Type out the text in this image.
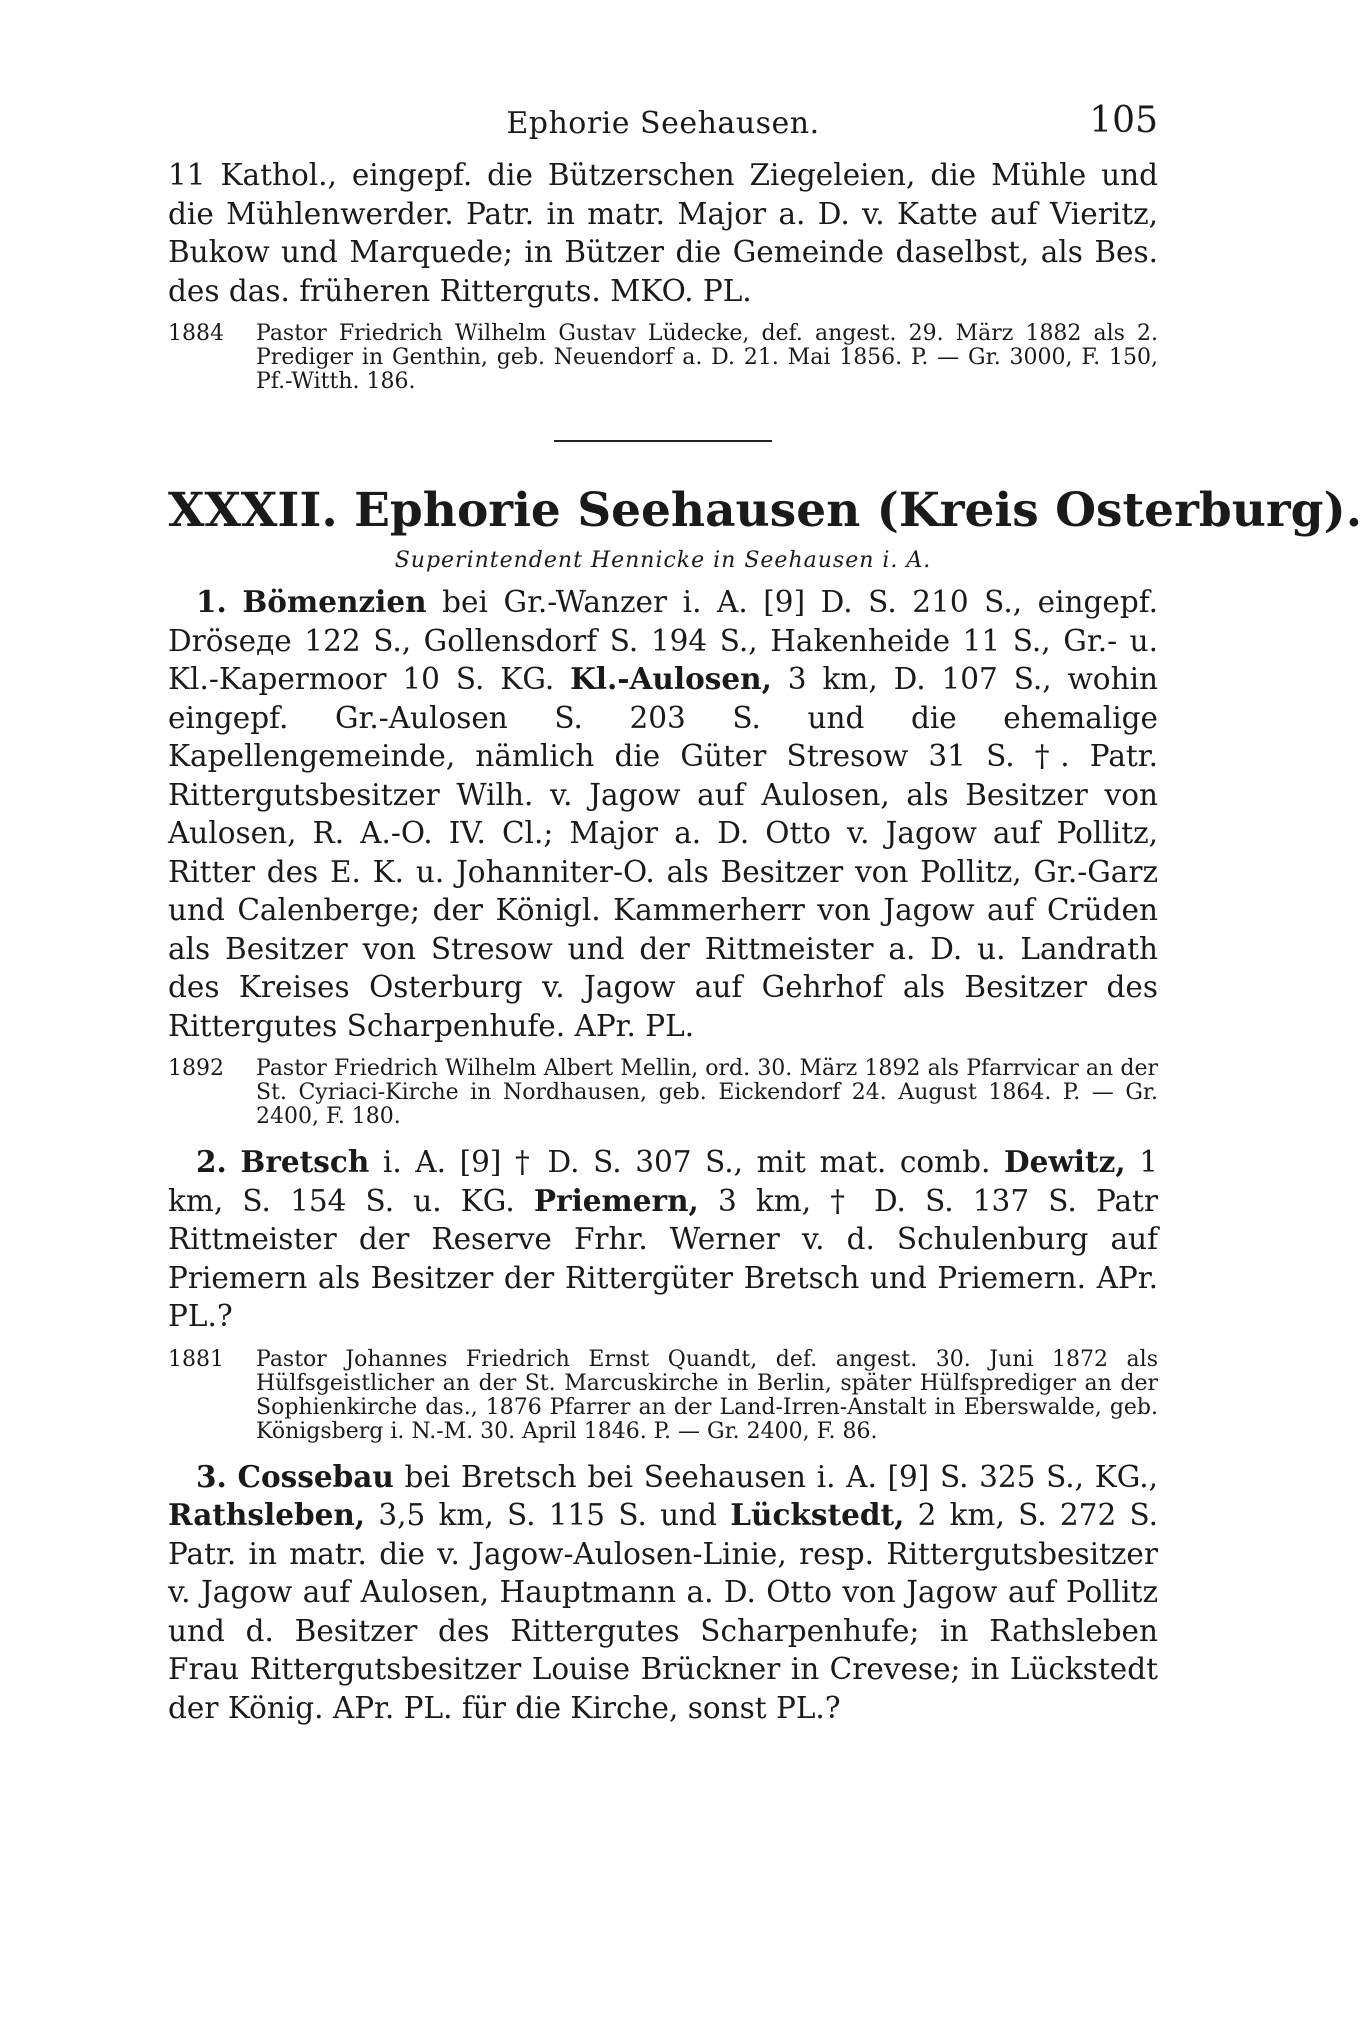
Ephorie Seehausen.	105

11 Kathol., eingepf. die Bützerschen Ziegeleien, die Mühle und die Mühlenwerder. Patr. in matr. Major a. D. v. Katte auf Vieritz, Bukow und Marquede; in Bützer die Gemeinde daselbst, als Bes. des das. früheren Ritterguts. MKO. PL.

1884 Pastor Friedrich Wilhelm Gustav Lüdecke, def. angest. 29. März 1882 als 2. Prediger in Genthin, geb. Neuendorf a. D. 21. Mai 1856. P. — Gr. 3000, F. 150, Pf.-Witth. 186.

XXXII. Ephorie Seehausen (Kreis Osterburg).
Superintendent Hennicke in Seehausen i. A.

1. Bömenzien bei Gr.-Wanzer i. A. [9] D. S. 210 S., eingepf. Dröseде 122 S., Gollensdorf S. 194 S., Hakenheide 11 S., Gr.- u. Kl.-Kapermoor 10 S. KG. Kl.-Aulosen, 3 km, D. 107 S., wohin eingepf. Gr.-Aulosen S. 203 S. und die ehemalige Kapellengemeinde, nämlich die Güter Stresow 31 S. †. Patr. Rittergutsbesitzer Wilh. v. Jagow auf Aulosen, als Besitzer von Aulosen, R. A.-O. IV. Cl.; Major a. D. Otto v. Jagow auf Pollitz, Ritter des E. K. u. Johanniter-O. als Besitzer von Pollitz, Gr.-Garz und Calenberge; der Königl. Kammerherr von Jagow auf Crüden als Besitzer von Stresow und der Rittmeister a. D. u. Landrath des Kreises Osterburg v. Jagow auf Gehrhof als Besitzer des Rittergutes Scharpenhufe. APr. PL.

1892 Pastor Friedrich Wilhelm Albert Mellin, ord. 30. März 1892 als Pfarrvicar an der St. Cyriaci-Kirche in Nordhausen, geb. Eickendorf 24. August 1864. P. — Gr. 2400, F. 180.

2. Bretsch i. A. [9] † D. S. 307 S., mit mat. comb. Dewitz, 1 km, S. 154 S. u. KG. Priemern, 3 km, † D. S. 137 S. Patr Rittmeister der Reserve Frhr. Werner v. d. Schulenburg auf Priemern als Besitzer der Rittergüter Bretsch und Priemern. APr. PL.?

1881 Pastor Johannes Friedrich Ernst Quandt, def. angest. 30. Juni 1872 als Hülfsgeistlicher an der St. Marcuskirche in Berlin, später Hülfsprediger an der Sophienkirche das., 1876 Pfarrer an der Land-Irren-Anstalt in Eberswalde, geb. Königsberg i. N.-M. 30. April 1846. P. — Gr. 2400, F. 86.

3. Cossebau bei Bretsch bei Seehausen i. A. [9] S. 325 S., KG., Rathsleben, 3,5 km, S. 115 S. und Lückstedt, 2 km, S. 272 S. Patr. in matr. die v. Jagow-Aulosen-Linie, resp. Rittergutsbesitzer v. Jagow auf Aulosen, Hauptmann a. D. Otto von Jagow auf Pollitz und d. Besitzer des Rittergutes Scharpenhufe; in Rathsleben Frau Rittergutsbesitzer Louise Brückner in Crevese; in Lückstedt der König. APr. PL. für die Kirche, sonst PL.?
